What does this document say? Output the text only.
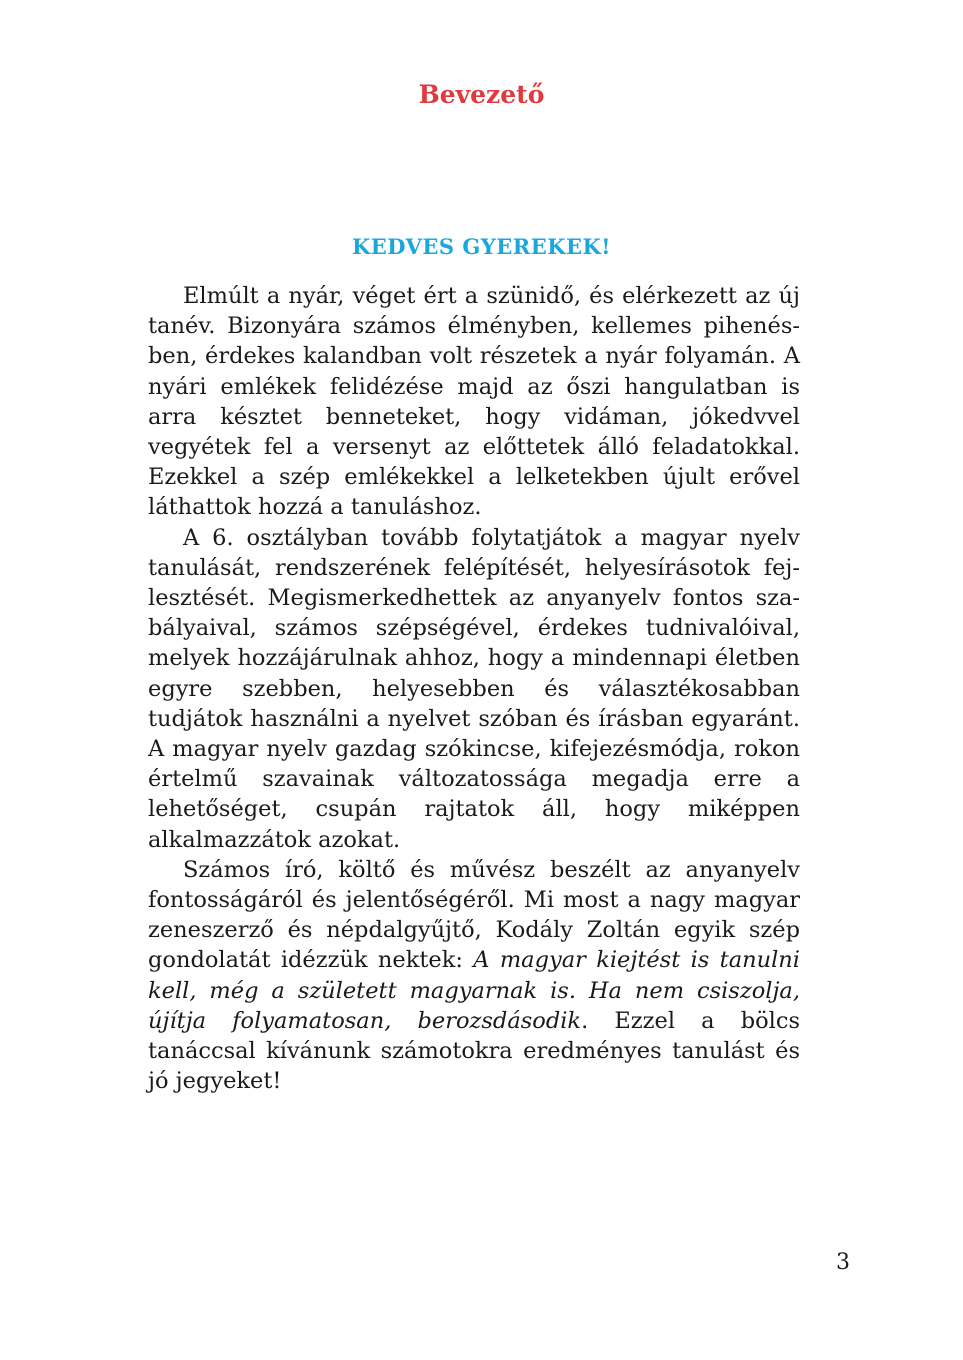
Bevezető
KEDVES GYEREKEK!

Elmúlt a nyár, véget ért a szünidő, és elérkezett az új tanév. Bizonyára számos élményben, kellemes pihenésben, érdekes kalandban volt részetek a nyár folyamán. A nyári emlékek felidézése majd az őszi hangulatban is arra késztet benneteket, hogy vidáman, jókedvvel vegyétek fel a versenyt az előttetek álló feladatokkal. Ezekkel a szép emlékekkel a lelketekben újult erővel láthattok hozzá a tanuláshoz.

A 6. osztályban tovább folytatjátok a magyar nyelv tanulását, rendszerének felépítését, helyesírásotok fejlesztését. Megismerkedhettek az anyanyelv fontos szabályaival, számos szépségével, érdekes tudnivalóival, melyek hozzájárulnak ahhoz, hogy a mindennapi életben egyre szebben, helyesebben és választékosabban tudjátok használni a nyelvet szóban és írásban egyaránt. A magyar nyelv gazdag szókincse, kifejezésmódja, rokon értelmű szavainak változatossága megadja erre a lehetőséget, csupán rajtatok áll, hogy miképpen alkalmazzátok azokat.

Számos író, költő és művész beszélt az anyanyelv fontosságáról és jelentőségéről. Mi most a nagy magyar zeneszerző és népdalgyűjtő, Kodály Zoltán egyik szép gondolatát idézzük nektek: A magyar kiejtést is tanulni kell, még a született magyarnak is. Ha nem csiszolja, újítja folyamatosan, berozsdásodik. Ezzel a bölcs tanáccsal kívánunk számotokra eredményes tanulást és jó jegyeket!

3
